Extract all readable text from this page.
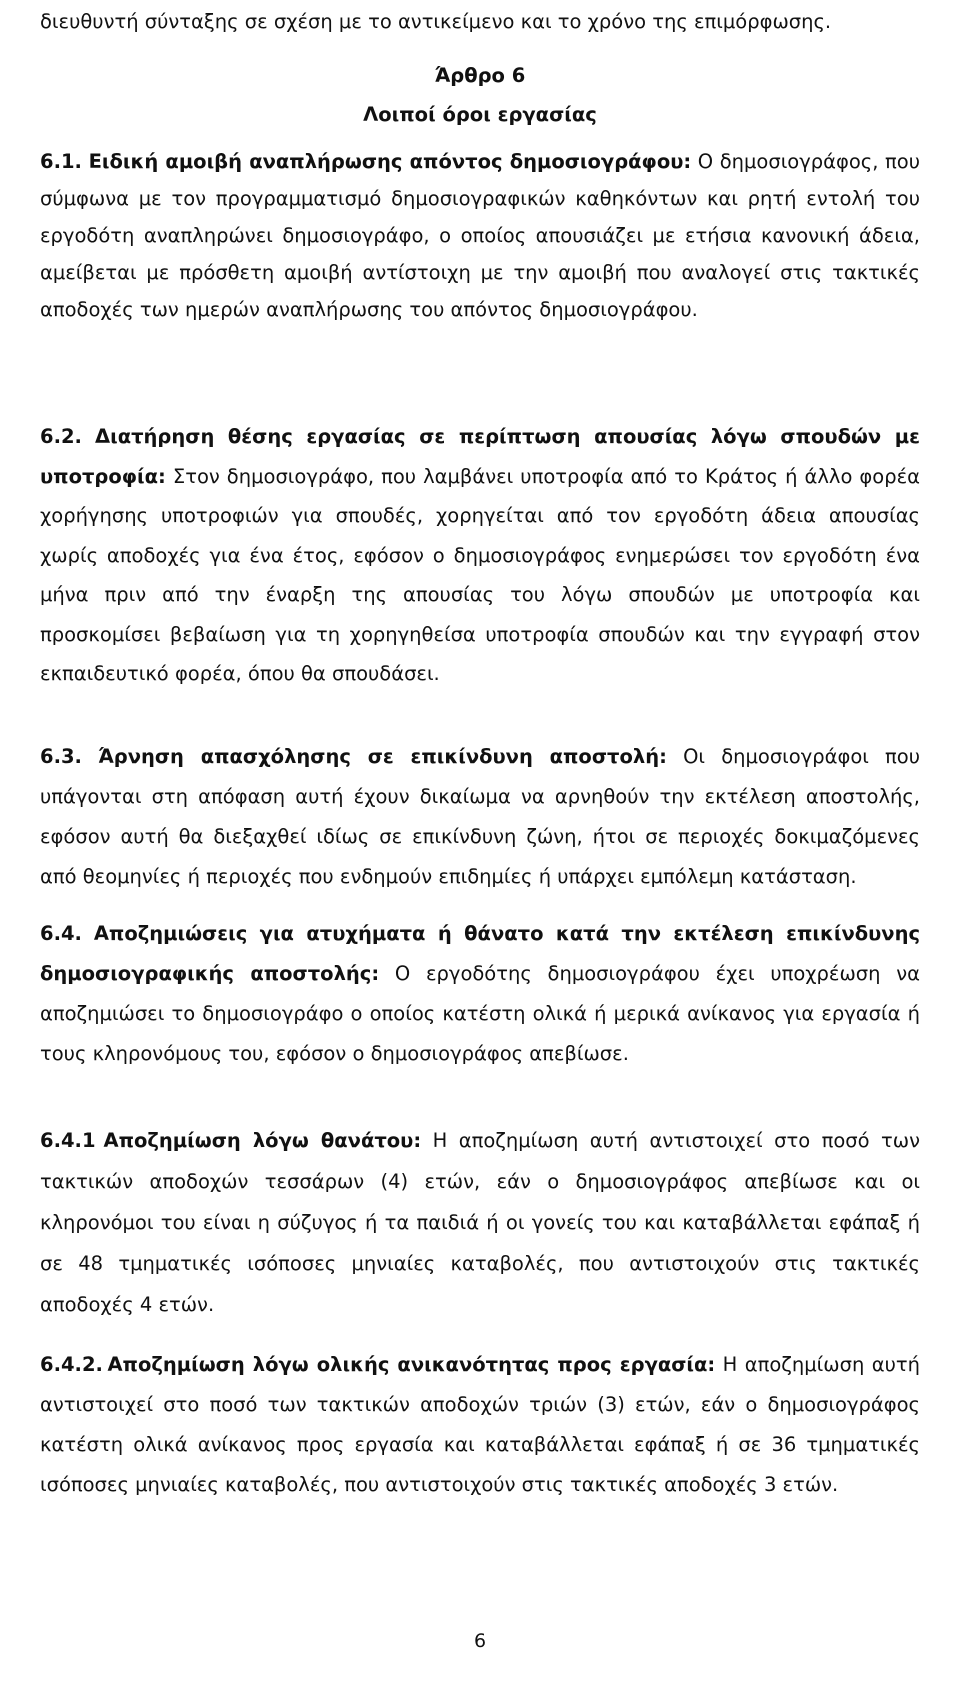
διευθυντή σύνταξης σε σχέση με το αντικείμενο και το χρόνο της επιμόρφωσης.

Άρθρο 6
Λοιποί όροι εργασίας

6.1. Ειδική αμοιβή αναπλήρωσης απόντος δημοσιογράφου: Ο δημοσιογράφος, που σύμφωνα με τον προγραμματισμό δημοσιογραφικών καθηκόντων και ρητή εντολή του εργοδότη αναπληρώνει δημοσιογράφο, ο οποίος απουσιάζει με ετήσια κανονική άδεια, αμείβεται με πρόσθετη αμοιβή αντίστοιχη με την αμοιβή που αναλογεί στις τακτικές αποδοχές των ημερών αναπλήρωσης του απόντος δημοσιογράφου.

6.2. Διατήρηση θέσης εργασίας σε περίπτωση απουσίας λόγω σπουδών με υποτροφία: Στον δημοσιογράφο, που λαμβάνει υποτροφία από το Κράτος ή άλλο φορέα χορήγησης υποτροφιών για σπουδές, χορηγείται από τον εργοδότη άδεια απουσίας χωρίς αποδοχές για ένα έτος, εφόσον ο δημοσιογράφος ενημερώσει τον εργοδότη ένα μήνα πριν από την έναρξη της απουσίας του λόγω σπουδών με υποτροφία και προσκομίσει βεβαίωση για τη χορηγηθείσα υποτροφία σπουδών και την εγγραφή στον εκπαιδευτικό φορέα, όπου θα σπουδάσει.

6.3. Άρνηση απασχόλησης σε επικίνδυνη αποστολή: Οι δημοσιογράφοι που υπάγονται στη απόφαση αυτή έχουν δικαίωμα να αρνηθούν την εκτέλεση αποστολής, εφόσον αυτή θα διεξαχθεί ιδίως σε επικίνδυνη ζώνη, ήτοι σε περιοχές δοκιμαζόμενες από θεομηνίες ή περιοχές που ενδημούν επιδημίες ή υπάρχει εμπόλεμη κατάσταση.

6.4. Αποζημιώσεις για ατυχήματα ή θάνατο κατά την εκτέλεση επικίνδυνης δημοσιογραφικής αποστολής: Ο εργοδότης δημοσιογράφου έχει υποχρέωση να αποζημιώσει το δημοσιογράφο ο οποίος κατέστη ολικά ή μερικά ανίκανος για εργασία ή τους κληρονόμους του, εφόσον ο δημοσιογράφος απεβίωσε.

6.4.1 Αποζημίωση λόγω θανάτου: Η αποζημίωση αυτή αντιστοιχεί στο ποσό των τακτικών αποδοχών τεσσάρων (4) ετών, εάν ο δημοσιογράφος απεβίωσε και οι κληρονόμοι του είναι η σύζυγος ή τα παιδιά ή οι γονείς του και καταβάλλεται εφάπαξ ή σε 48 τμηματικές ισόποσες μηνιαίες καταβολές, που αντιστοιχούν στις τακτικές αποδοχές 4 ετών.

6.4.2. Αποζημίωση λόγω ολικής ανικανότητας προς εργασία: Η αποζημίωση αυτή αντιστοιχεί στο ποσό των τακτικών αποδοχών τριών (3) ετών, εάν ο δημοσιογράφος κατέστη ολικά ανίκανος προς εργασία και καταβάλλεται εφάπαξ ή σε 36 τμηματικές ισόποσες μηνιαίες καταβολές, που αντιστοιχούν στις τακτικές αποδοχές 3 ετών.

6
